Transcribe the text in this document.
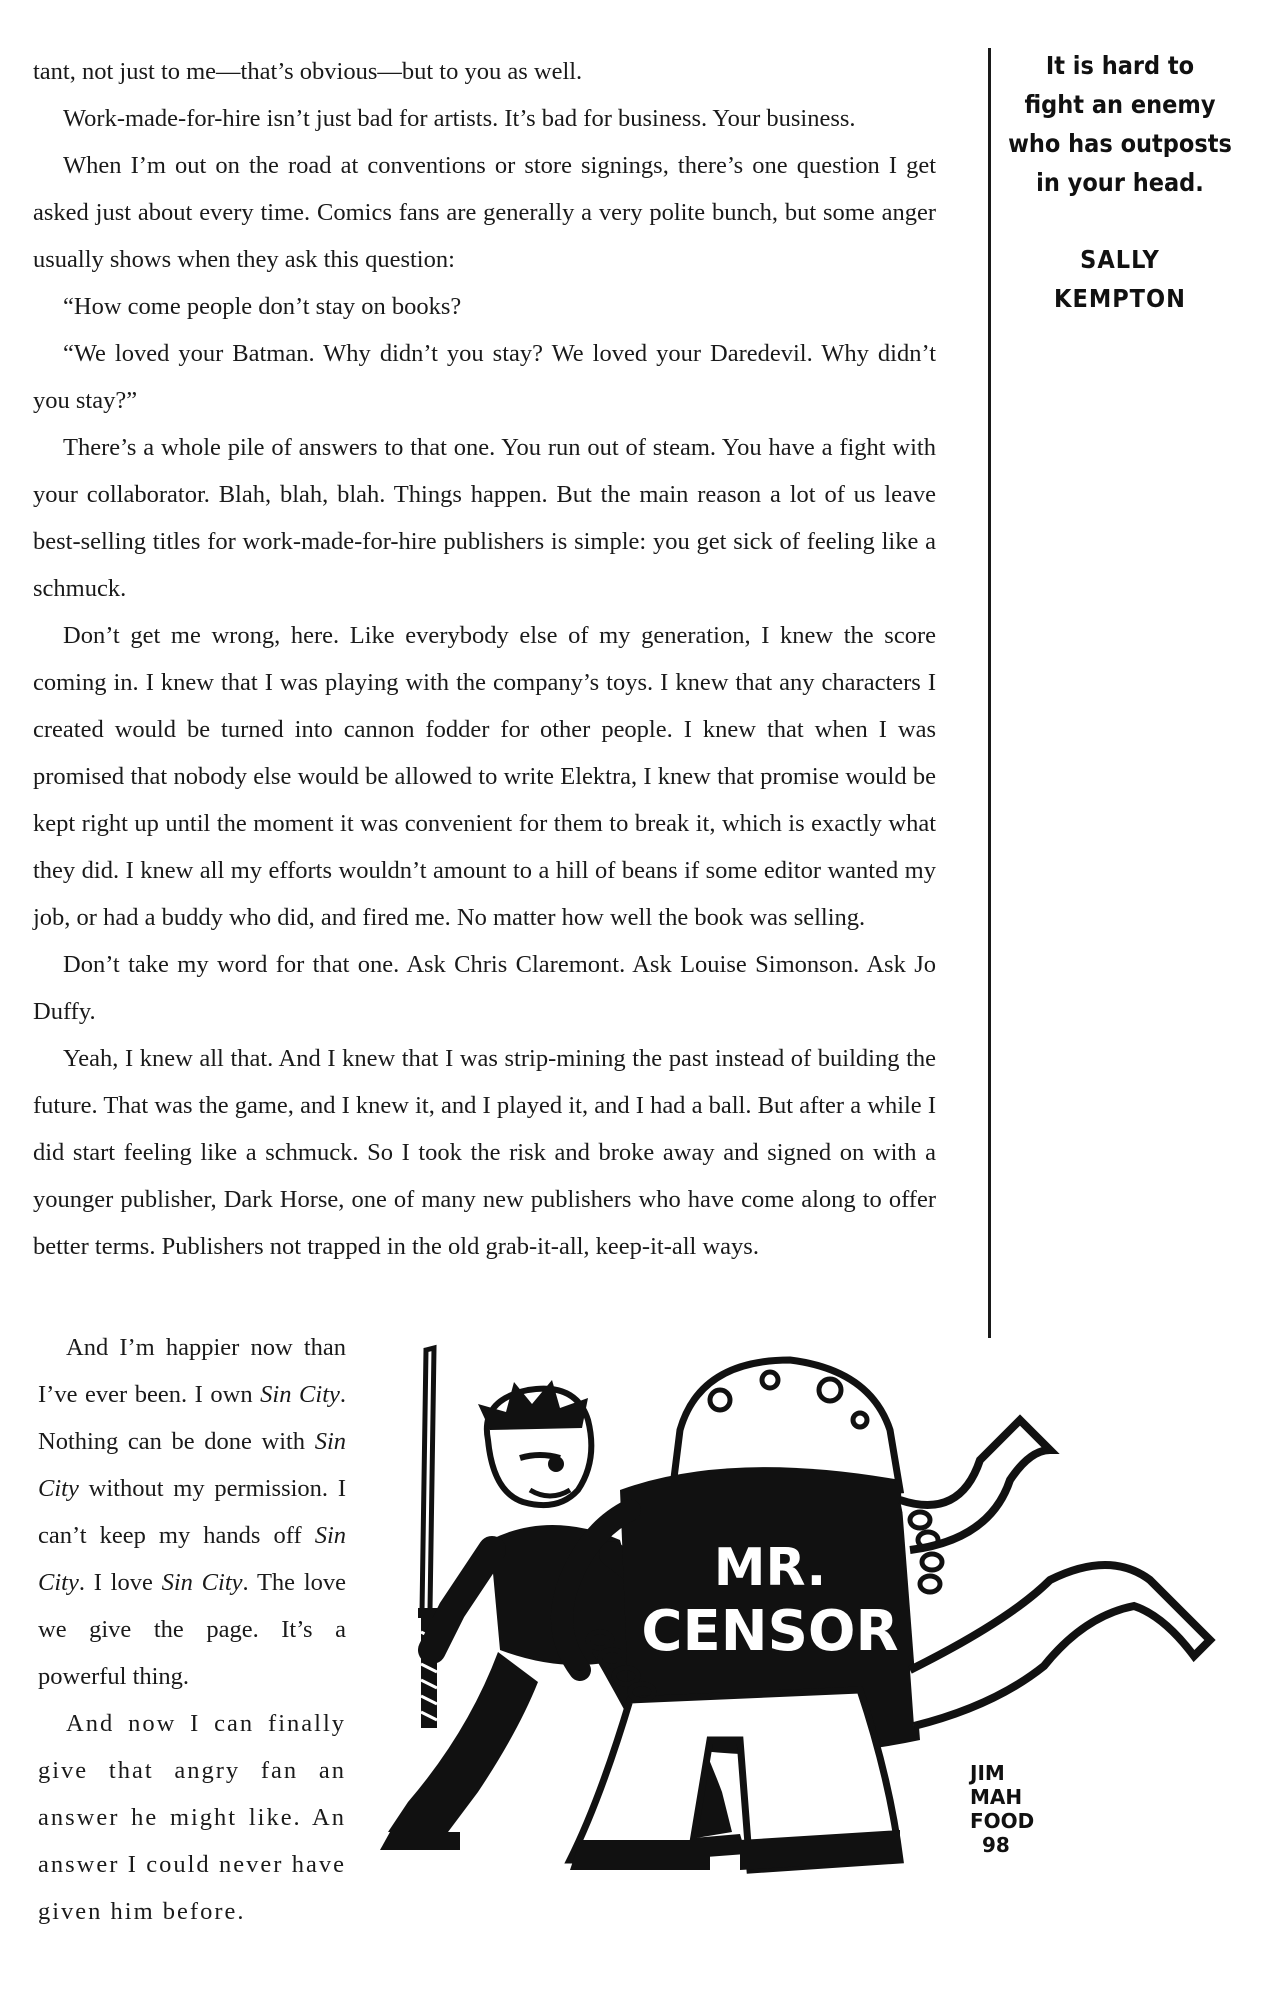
tant, not just to me—that’s obvious—but to you as well.

Work-made-for-hire isn’t just bad for artists. It’s bad for business. Your business.

When I’m out on the road at conventions or store signings, there’s one question I get asked just about every time. Comics fans are generally a very polite bunch, but some anger usually shows when they ask this question:

“How come people don’t stay on books?

“We loved your Batman. Why didn’t you stay? We loved your Daredevil. Why didn’t you stay?”

There’s a whole pile of answers to that one. You run out of steam. You have a fight with your collaborator. Blah, blah, blah. Things happen. But the main reason a lot of us leave best-selling titles for work-made-for-hire publishers is simple: you get sick of feeling like a schmuck.

Don’t get me wrong, here. Like everybody else of my generation, I knew the score coming in. I knew that I was playing with the company’s toys. I knew that any characters I created would be turned into cannon fodder for other people. I knew that when I was promised that nobody else would be allowed to write Elektra, I knew that promise would be kept right up until the moment it was convenient for them to break it, which is exactly what they did. I knew all my efforts wouldn’t amount to a hill of beans if some editor wanted my job, or had a buddy who did, and fired me. No matter how well the book was selling.

Don’t take my word for that one. Ask Chris Claremont. Ask Louise Simonson. Ask Jo Duffy.

Yeah, I knew all that. And I knew that I was strip-mining the past instead of building the future. That was the game, and I knew it, and I played it, and I had a ball. But after a while I did start feeling like a schmuck. So I took the risk and broke away and signed on with a younger publisher, Dark Horse, one of many new publishers who have come along to offer better terms. Publishers not trapped in the old grab-it-all, keep-it-all ways.

It is hard to
fight an enemy
who has outposts
in your head.
SALLY
KEMPTON

And I’m happier now than I’ve ever been. I own Sin City. Nothing can be done with Sin City without my permission. I can’t keep my hands off Sin City. I love Sin City. The love we give the page. It’s a powerful thing.

And now I can finally give that angry fan an answer he might like. An answer I could never have given him before.

MR.
CENSOR
JIM
MAH
FOOD
98
